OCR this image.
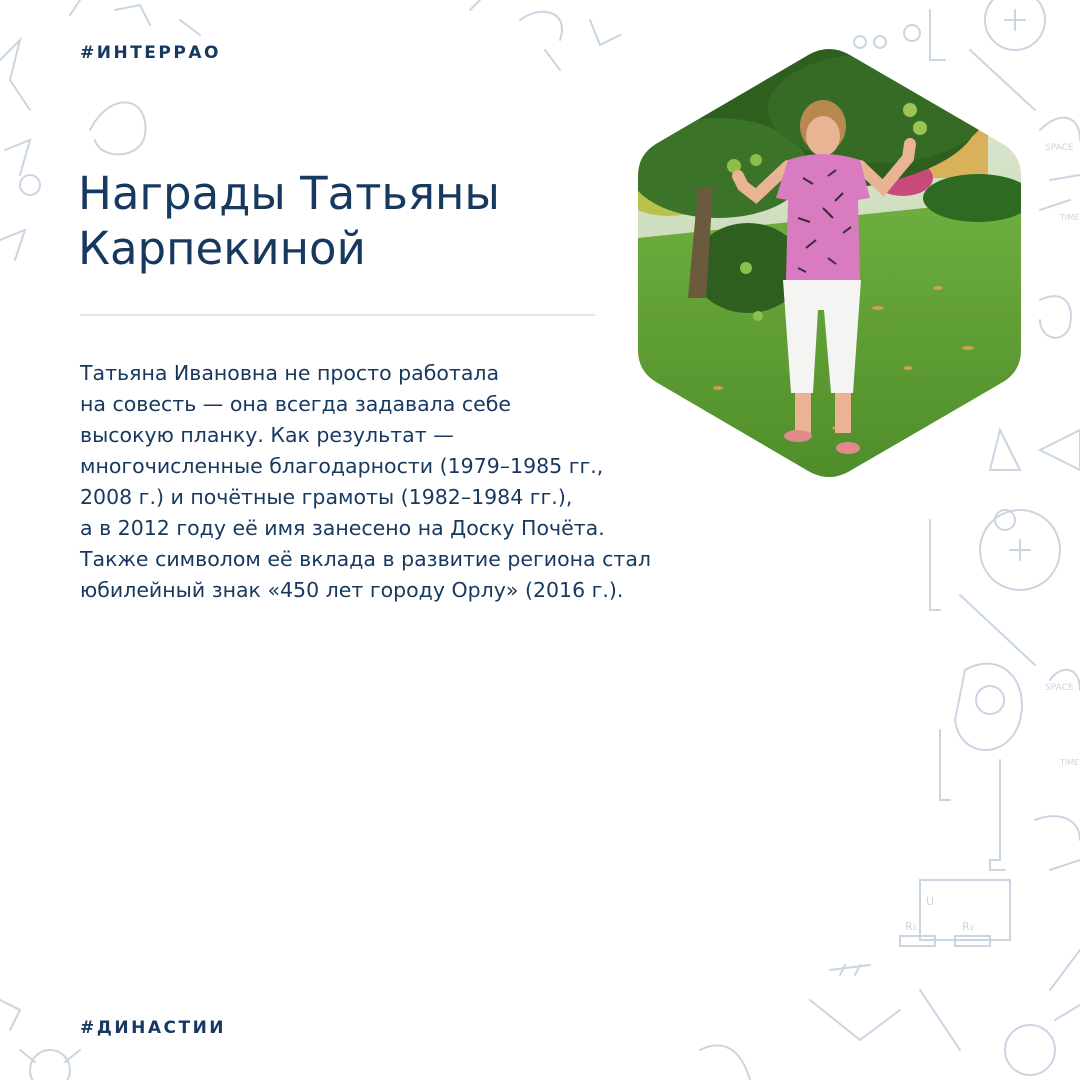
R₁	R₂
U
SPACE
SPACE
TIME
TIME
#ИНТЕРРАО
Награды Татьяны
Карпекиной

Татьяна Ивановна не просто работала
на совесть — она всегда задавала себе
высокую планку. Как результат —
многочисленные благодарности (1979–1985 гг.,
2008 г.) и почётные грамоты (1982–1984 гг.),
а в 2012 году её имя занесено на Доску Почёта.
Также символом её вклада в развитие региона стал
юбилейный знак «450 лет городу Орлу» (2016 г.).

#ДИНАСТИИ
